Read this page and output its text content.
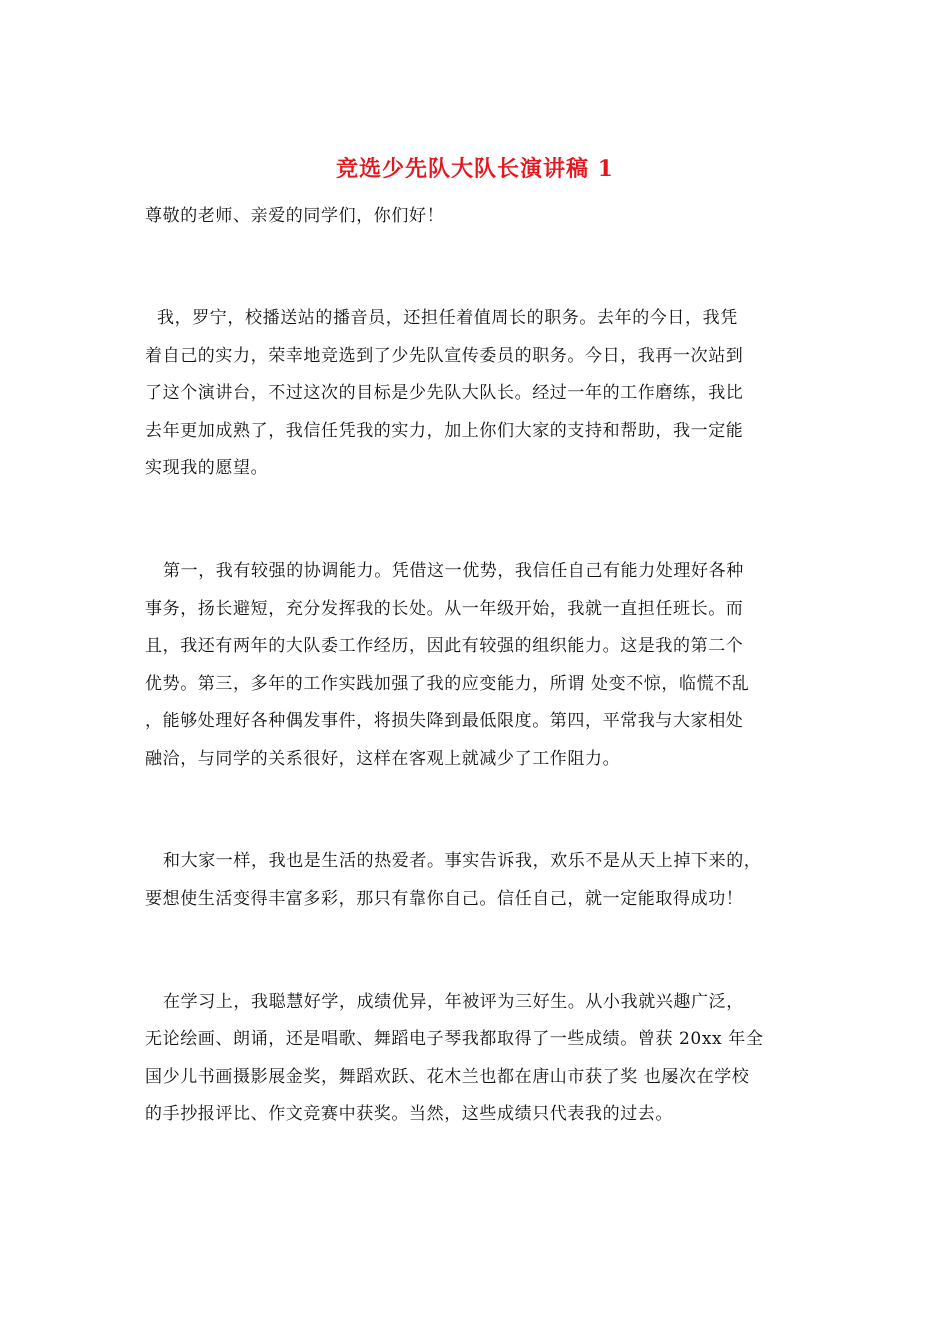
竞选少先队大队长演讲稿 1
尊敬的老师、亲爱的同学们，你们好！
我，罗宁，校播送站的播音员，还担任着值周长的职务。去年的今日，我凭
着自己的实力，荣幸地竞选到了少先队宣传委员的职务。今日，我再一次站到
了这个演讲台，不过这次的目标是少先队大队长。经过一年的工作磨练，我比
去年更加成熟了，我信任凭我的实力，加上你们大家的支持和帮助，我一定能
实现我的愿望。
第一，我有较强的协调能力。凭借这一优势，我信任自己有能力处理好各种
事务，扬长避短，充分发挥我的长处。从一年级开始，我就一直担任班长。而
且，我还有两年的大队委工作经历，因此有较强的组织能力。这是我的第二个
优势。第三，多年的工作实践加强了我的应变能力，所谓 处变不惊，临慌不乱
，能够处理好各种偶发事件，将损失降到最低限度。第四，平常我与大家相处
融洽，与同学的关系很好，这样在客观上就减少了工作阻力。
和大家一样，我也是生活的热爱者。事实告诉我，欢乐不是从天上掉下来的，
要想使生活变得丰富多彩，那只有靠你自己。信任自己，就一定能取得成功！
在学习上，我聪慧好学，成绩优异，年被评为三好生。从小我就兴趣广泛，
无论绘画、朗诵，还是唱歌、舞蹈电子琴我都取得了一些成绩。曾获 20xx 年全
国少儿书画摄影展金奖，舞蹈欢跃、花木兰也都在唐山市获了奖 也屡次在学校
的手抄报评比、作文竞赛中获奖。当然，这些成绩只代表我的过去。
